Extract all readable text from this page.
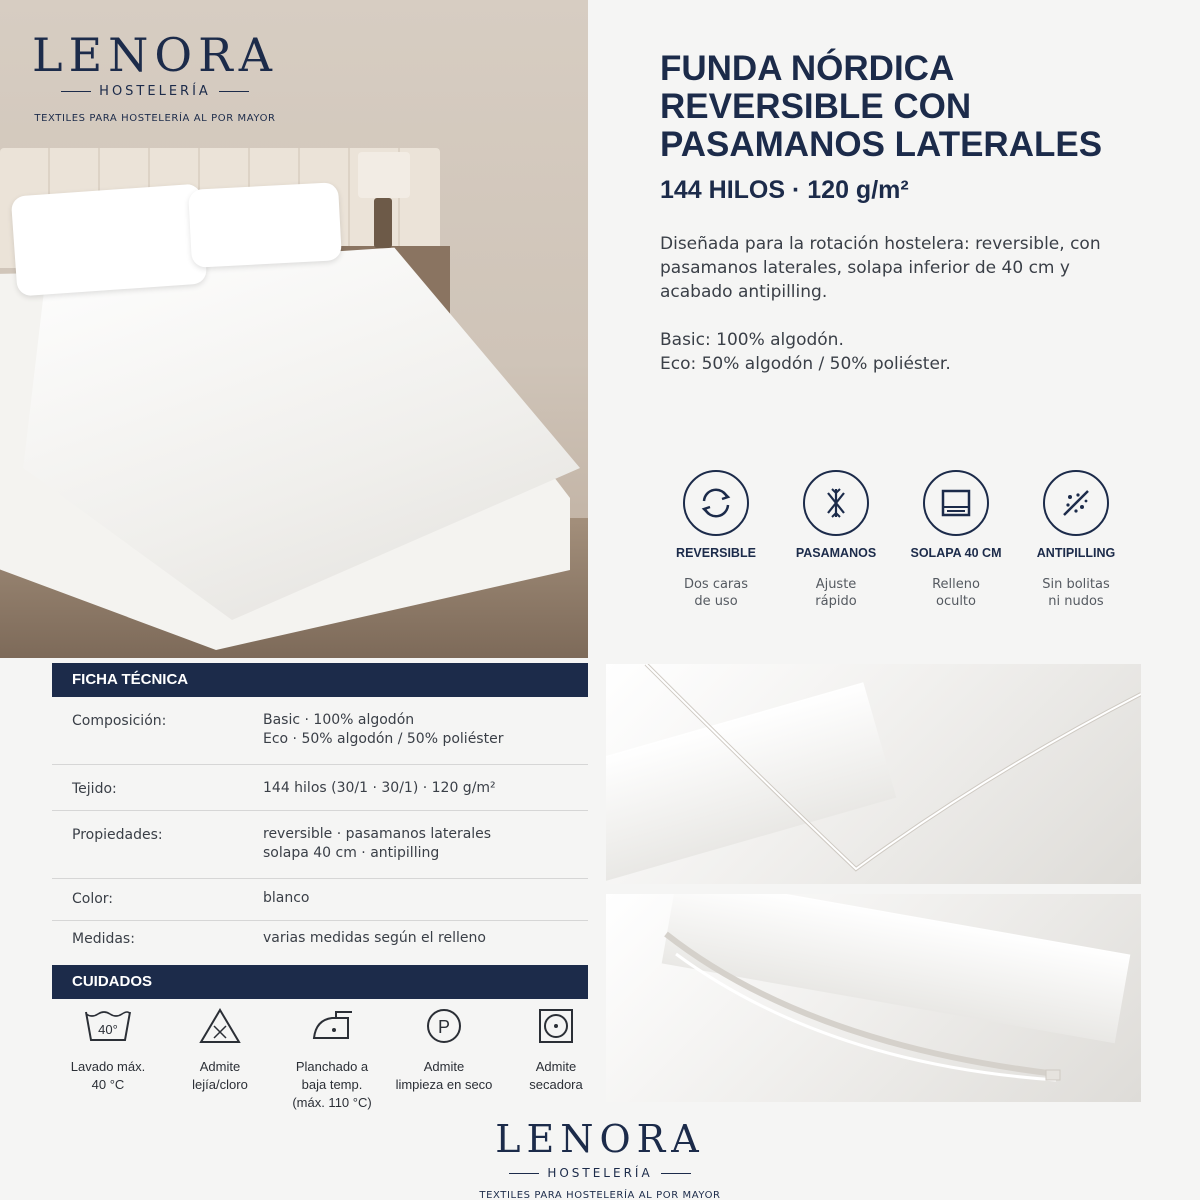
LENORA
HOSTELERÍA
TEXTILES PARA HOSTELERÍA AL POR MAYOR
FUNDA NÓRDICA
REVERSIBLE CON
PASAMANOS LATERALES
144 HILOS · 120 g/m²

Diseñada para la rotación hostelera: reversible, con pasamanos laterales, solapa inferior de 40 cm y acabado antipilling.

Basic: 100% algodón.
Eco: 50% algodón / 50% poliéster.

REVERSIBLE
Dos caras
de uso
PASAMANOS
Ajuste
rápido
SOLAPA 40 CM
Relleno
oculto
ANTIPILLING
Sin bolitas
ni nudos
FICHA TÉCNICA
Composición:	Basic · 100% algodón
Eco · 50% algodón / 50% poliéster
Tejido:	144 hilos (30/1 · 30/1) · 120 g/m²
Propiedades:	reversible · pasamanos laterales
solapa 40 cm · antipilling
Color:	blanco
Medidas:	varias medidas según el relleno
CUIDADOS
40°
Lavado máx.
40 °C
Admite
lejía/cloro
Planchado a
baja temp.
(máx. 110 °C)
P
Admite
limpieza en seco
Admite
secadora
LENORA
HOSTELERÍA
TEXTILES PARA HOSTELERÍA AL POR MAYOR
